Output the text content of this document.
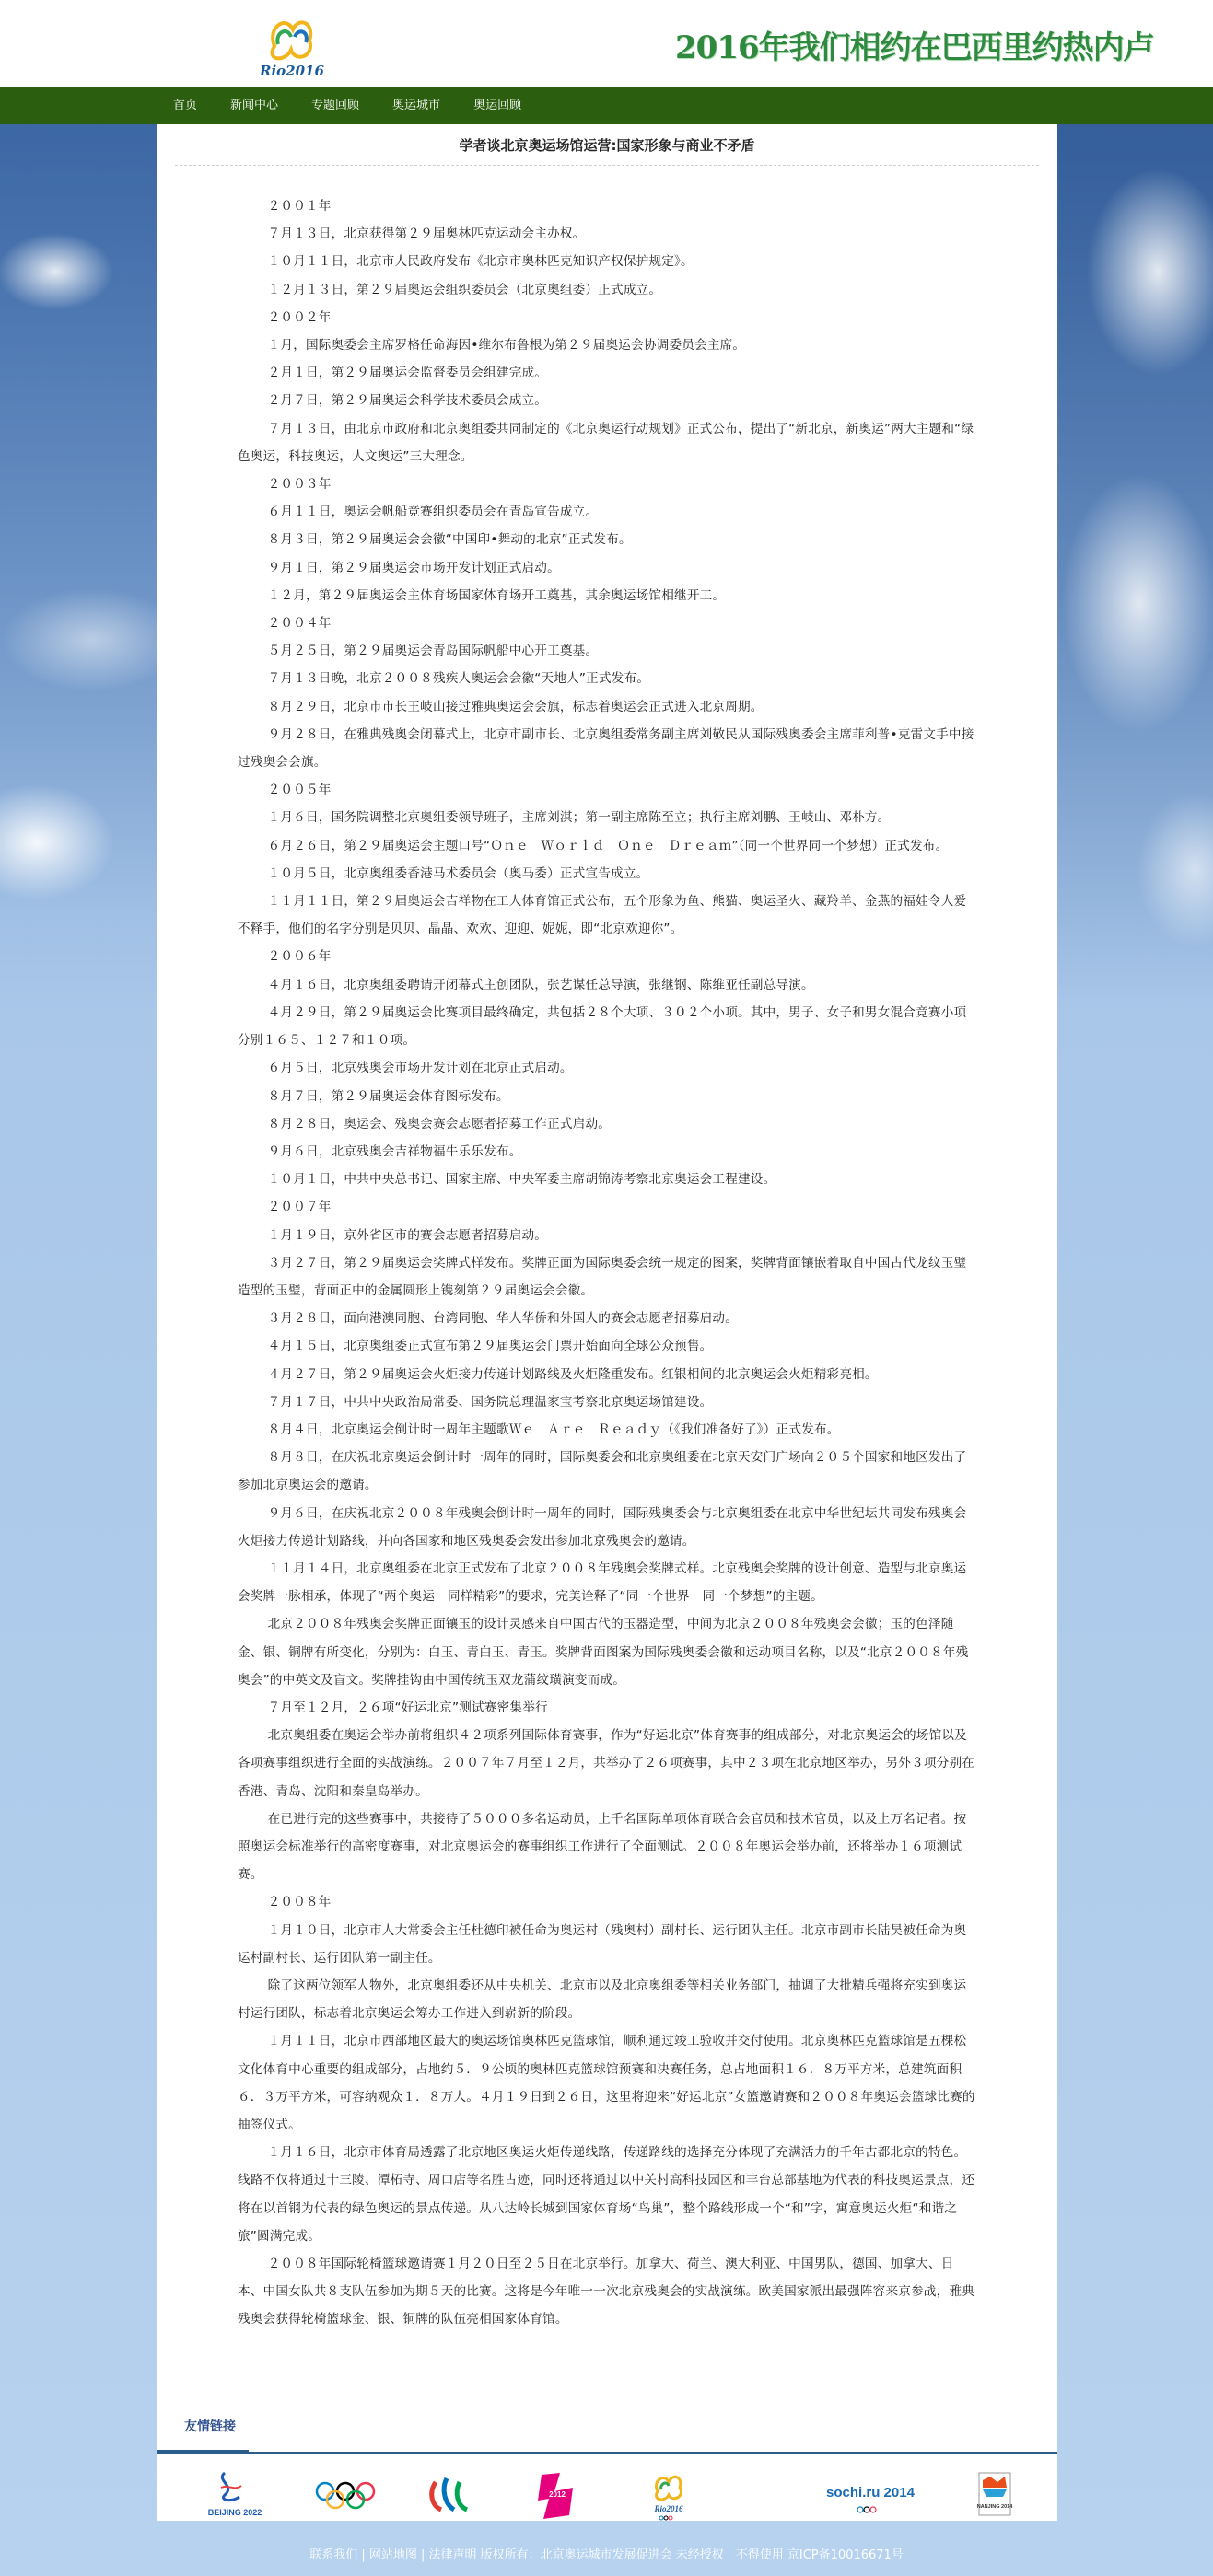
Rio2016
2016年我们相约在巴西里约热内卢
首页	新闻中心	专题回顾	奥运城市	奥运回顾
学者谈北京奥运场馆运营:国家形象与商业不矛盾

２００１年

７月１３日，北京获得第２９届奥林匹克运动会主办权。

１０月１１日，北京市人民政府发布《北京市奥林匹克知识产权保护规定》。

１２月１３日，第２９届奥运会组织委员会（北京奥组委）正式成立。

２００２年

１月，国际奥委会主席罗格任命海因•维尔布鲁根为第２９届奥运会协调委员会主席。

２月１日，第２９届奥运会监督委员会组建完成。

２月７日，第２９届奥运会科学技术委员会成立。

７月１３日，由北京市政府和北京奥组委共同制定的《北京奥运行动规划》正式公布，提出了“新北京，新奥运”两大主题和“绿色奥运，科技奥运，人文奥运”三大理念。

２００３年

６月１１日，奥运会帆船竞赛组织委员会在青岛宣告成立。

８月３日，第２９届奥运会会徽“中国印•舞动的北京”正式发布。

９月１日，第２９届奥运会市场开发计划正式启动。

１２月，第２９届奥运会主体育场国家体育场开工奠基，其余奥运场馆相继开工。

２００４年

５月２５日，第２９届奥运会青岛国际帆船中心开工奠基。

７月１３日晚，北京２００８残疾人奥运会会徽“天地人”正式发布。

８月２９日，北京市市长王岐山接过雅典奥运会会旗，标志着奥运会正式进入北京周期。

９月２８日，在雅典残奥会闭幕式上，北京市副市长、北京奥组委常务副主席刘敬民从国际残奥委会主席菲利普•克雷文手中接过残奥会会旗。

２００５年

１月６日，国务院调整北京奥组委领导班子，主席刘淇；第一副主席陈至立；执行主席刘鹏、王岐山、邓朴方。

６月２６日，第２９届奥运会主题口号“Ｏｎｅ　Ｗｏｒｌｄ　Ｏｎｅ　Ｄｒｅａｍ”（同一个世界同一个梦想）正式发布。

１０月５日，北京奥组委香港马术委员会（奥马委）正式宣告成立。

１１月１１日，第２９届奥运会吉祥物在工人体育馆正式公布，五个形象为鱼、熊猫、奥运圣火、藏羚羊、金燕的福娃令人爱不释手，他们的名字分别是贝贝、晶晶、欢欢、迎迎、妮妮，即“北京欢迎你”。

２００６年

４月１６日，北京奥组委聘请开闭幕式主创团队，张艺谋任总导演，张继钢、陈维亚任副总导演。

４月２９日，第２９届奥运会比赛项目最终确定，共包括２８个大项、３０２个小项。其中，男子、女子和男女混合竞赛小项分别１６５、１２７和１０项。

６月５日，北京残奥会市场开发计划在北京正式启动。

８月７日，第２９届奥运会体育图标发布。

８月２８日，奥运会、残奥会赛会志愿者招募工作正式启动。

９月６日，北京残奥会吉祥物福牛乐乐发布。

１０月１日，中共中央总书记、国家主席、中央军委主席胡锦涛考察北京奥运会工程建设。

２００７年

１月１９日，京外省区市的赛会志愿者招募启动。

３月２７日，第２９届奥运会奖牌式样发布。奖牌正面为国际奥委会统一规定的图案，奖牌背面镶嵌着取自中国古代龙纹玉璧造型的玉璧，背面正中的金属圆形上镌刻第２９届奥运会会徽。

３月２８日，面向港澳同胞、台湾同胞、华人华侨和外国人的赛会志愿者招募启动。

４月１５日，北京奥组委正式宣布第２９届奥运会门票开始面向全球公众预售。

４月２７日，第２９届奥运会火炬接力传递计划路线及火炬隆重发布。红银相间的北京奥运会火炬精彩亮相。

７月１７日，中共中央政治局常委、国务院总理温家宝考察北京奥运场馆建设。

８月４日，北京奥运会倒计时一周年主题歌Ｗｅ　Ａｒｅ　Ｒｅａｄｙ（《我们准备好了》）正式发布。

８月８日，在庆祝北京奥运会倒计时一周年的同时，国际奥委会和北京奥组委在北京天安门广场向２０５个国家和地区发出了参加北京奥运会的邀请。

９月６日，在庆祝北京２００８年残奥会倒计时一周年的同时，国际残奥委会与北京奥组委在北京中华世纪坛共同发布残奥会火炬接力传递计划路线，并向各国家和地区残奥委会发出参加北京残奥会的邀请。

１１月１４日，北京奥组委在北京正式发布了北京２００８年残奥会奖牌式样。北京残奥会奖牌的设计创意、造型与北京奥运会奖牌一脉相承，体现了“两个奥运　同样精彩”的要求，完美诠释了“同一个世界　同一个梦想”的主题。

北京２００８年残奥会奖牌正面镶玉的设计灵感来自中国古代的玉器造型，中间为北京２００８年残奥会会徽；玉的色泽随金、银、铜牌有所变化，分别为：白玉、青白玉、青玉。奖牌背面图案为国际残奥委会徽和运动项目名称，以及“北京２００８年残奥会”的中英文及盲文。奖牌挂钩由中国传统玉双龙蒲纹璜演变而成。

７月至１２月，２６项“好运北京”测试赛密集举行

北京奥组委在奥运会举办前将组织４２项系列国际体育赛事，作为“好运北京”体育赛事的组成部分，对北京奥运会的场馆以及各项赛事组织进行全面的实战演练。２００７年７月至１２月，共举办了２６项赛事，其中２３项在北京地区举办，另外３项分别在香港、青岛、沈阳和秦皇岛举办。

在已进行完的这些赛事中，共接待了５０００多名运动员，上千名国际单项体育联合会官员和技术官员，以及上万名记者。按照奥运会标准举行的高密度赛事，对北京奥运会的赛事组织工作进行了全面测试。２００８年奥运会举办前，还将举办１６项测试赛。

２００８年

１月１０日，北京市人大常委会主任杜德印被任命为奥运村（残奥村）副村长、运行团队主任。北京市副市长陆昊被任命为奥运村副村长、运行团队第一副主任。

除了这两位领军人物外，北京奥组委还从中央机关、北京市以及北京奥组委等相关业务部门，抽调了大批精兵强将充实到奥运村运行团队，标志着北京奥运会筹办工作进入到崭新的阶段。

１月１１日，北京市西部地区最大的奥运场馆奥林匹克篮球馆，顺利通过竣工验收并交付使用。北京奥林匹克篮球馆是五棵松文化体育中心重要的组成部分，占地约５．９公顷的奥林匹克篮球馆预赛和决赛任务，总占地面积１６．８万平方米，总建筑面积６．３万平方米，可容纳观众１．８万人。４月１９日到２６日，这里将迎来“好运北京”女篮邀请赛和２００８年奥运会篮球比赛的抽签仪式。

１月１６日，北京市体育局透露了北京地区奥运火炬传递线路，传递路线的选择充分体现了充满活力的千年古都北京的特色。线路不仅将通过十三陵、潭柘寺、周口店等名胜古迹，同时还将通过以中关村高科技园区和丰台总部基地为代表的科技奥运景点，还将在以首钢为代表的绿色奥运的景点传递。从八达岭长城到国家体育场“鸟巢”，整个路线形成一个“和”字，寓意奥运火炬“和谐之旅”圆满完成。

２００８年国际轮椅篮球邀请赛１月２０日至２５日在北京举行。加拿大、荷兰、澳大利亚、中国男队，德国、加拿大、日本、中国女队共８支队伍参加为期５天的比赛。这将是今年唯一一次北京残奥会的实战演练。欧美国家派出最强阵容来京参战，雅典残奥会获得轮椅篮球金、银、铜牌的队伍亮相国家体育馆。

友情链接
BEIJING 2022
2012
Rio2016
sochi.ru 2014
NANJING 2014
联系我们 | 网站地图 | 法律声明 版权所有：北京奥运城市发展促进会 未经授权　不得使用 京ICP备10016671号
